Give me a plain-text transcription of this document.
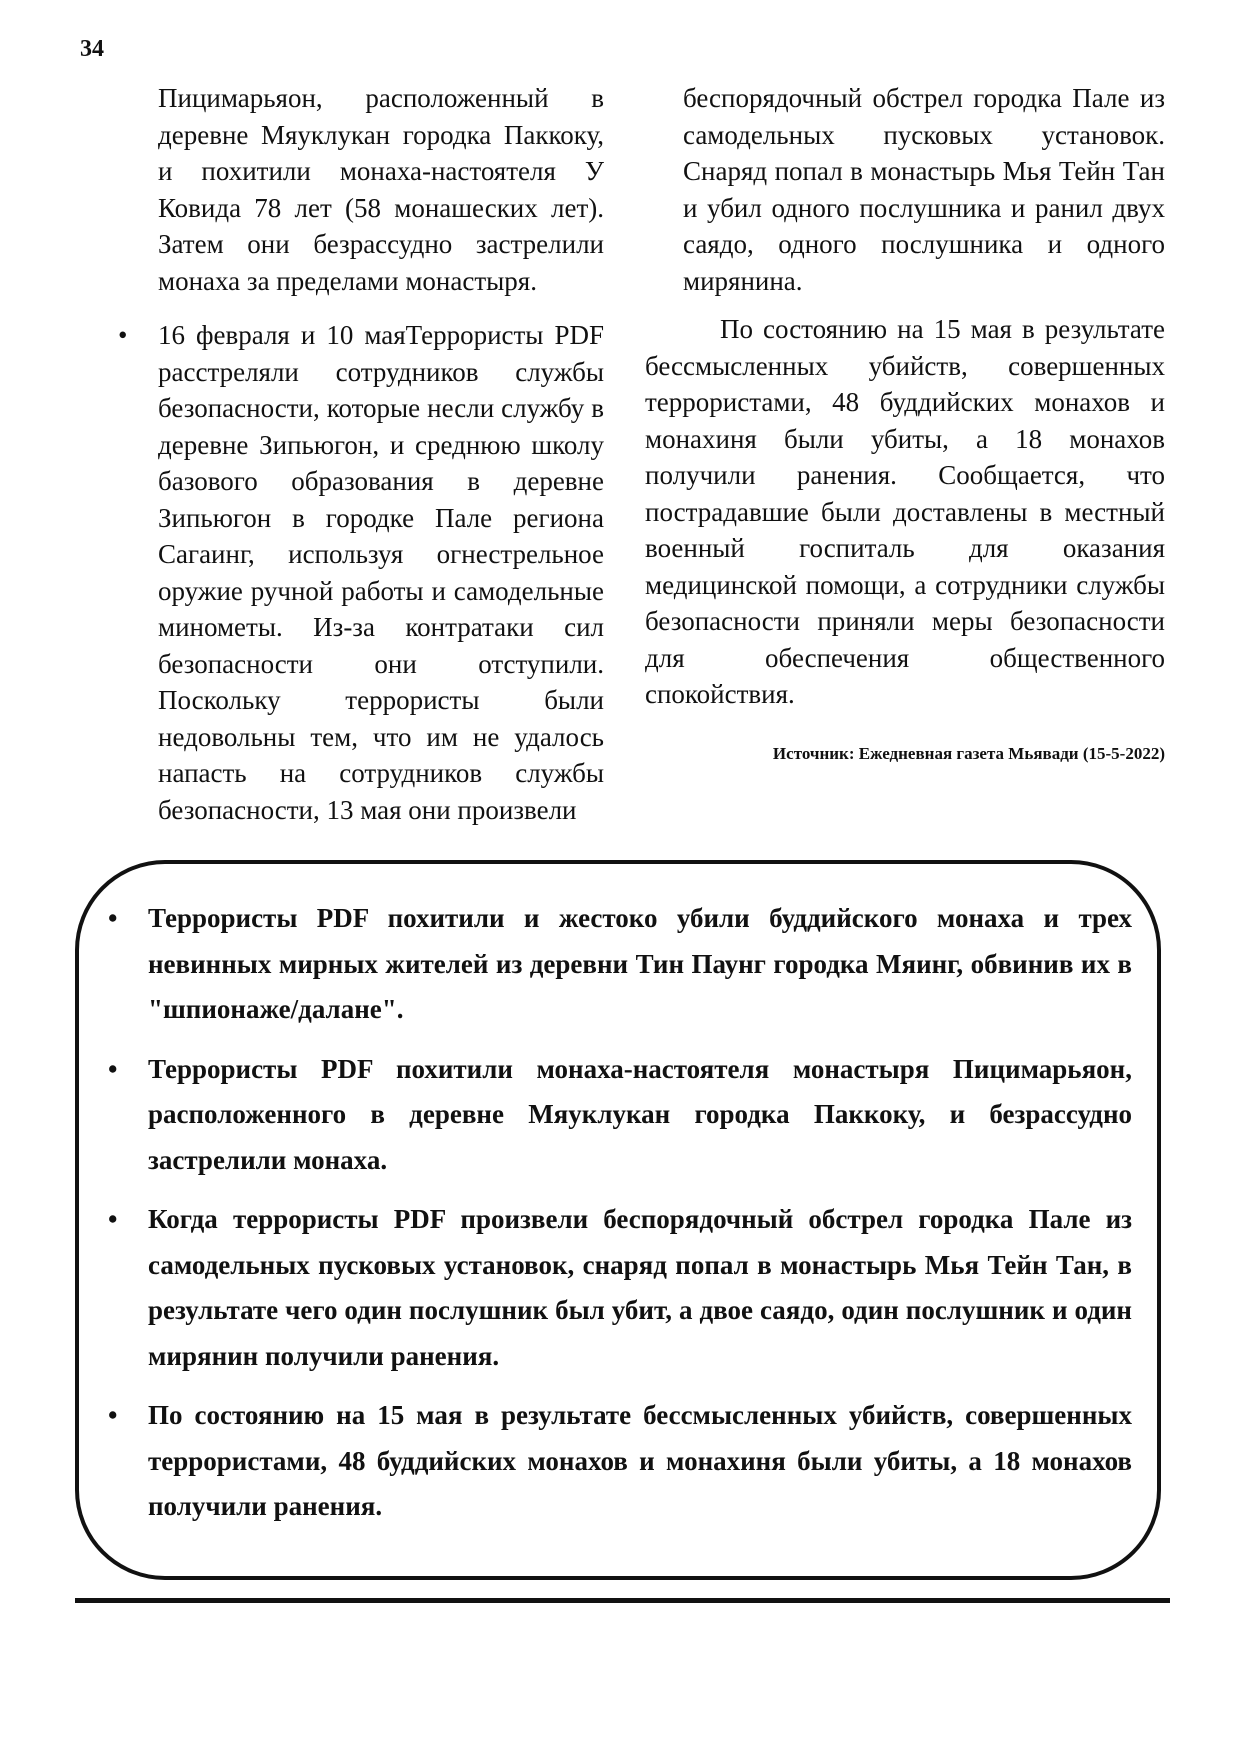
34

Пицимарьяон, расположенный в деревне Мяуклукан городка Паккоку, и похитили монаха-настоятеля У Ковида 78 лет (58 монашеских лет). Затем они безрассудно застрелили монаха за пределами монастыря.

• 16 февраля и 10 маяТеррористы PDF расстреляли сотрудников службы безопасности, которые несли службу в деревне Зипьюгон, и среднюю школу базового образования в деревне Зипьюгон в городке Пале региона Сагаинг, используя огнестрельное оружие ручной работы и самодельные минометы. Из-за контратаки сил безопасности они отступили. Поскольку террористы были недовольны тем, что им не удалось напасть на сотрудников службы безопасности, 13 мая они произвели

беспорядочный обстрел городка Пале из самодельных пусковых установок. Снаряд попал в монастырь Мья Тейн Тан и убил одного послушника и ранил двух саядо, одного послушника и одного мирянина.

По состоянию на 15 мая в результате бессмысленных убийств, совершенных террористами, 48 буддийских монахов и монахиня были убиты, а 18 монахов получили ранения. Сообщается, что пострадавшие были доставлены в местный военный госпиталь для оказания медицинской помощи, а сотрудники службы безопасности приняли меры безопасности для обеспечения общественного спокойствия.

Источник: Ежедневная газета Мьявади (15-5-2022)

• Террористы PDF похитили и жестоко убили буддийского монаха и трех невинных мирных жителей из деревни Тин Паунг городка Мяинг, обвинив их в "шпионаже/далане".
• Террористы PDF похитили монаха-настоятеля монастыря Пицимарьяон, расположенного в деревне Мяуклукан городка Паккоку, и безрассудно застрелили монаха.
• Когда террористы PDF произвели беспорядочный обстрел городка Пале из самодельных пусковых установок, снаряд попал в монастырь Мья Тейн Тан, в результате чего один послушник был убит, а двое саядо, один послушник и один мирянин получили ранения.
• По состоянию на 15 мая в результате бессмысленных убийств, совершенных террористами, 48 буддийских монахов и монахиня были убиты, а 18 монахов получили ранения.
